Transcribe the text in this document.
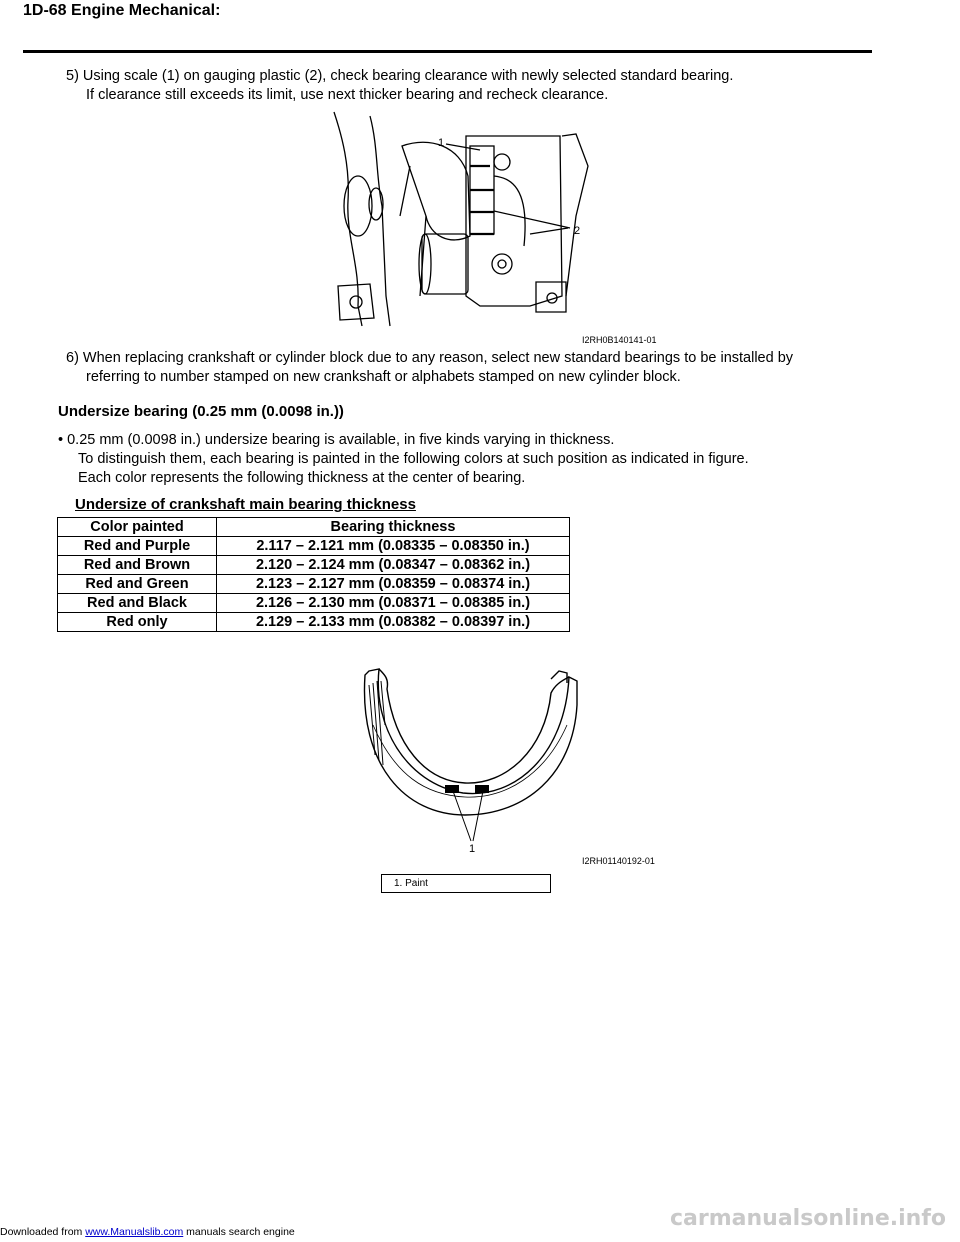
1D-68 Engine Mechanical:
5) Using scale (1) on gauging plastic (2), check bearing clearance with newly selected standard bearing.
If clearance still exceeds its limit, use next thicker bearing and recheck clearance.
1
2
I2RH0B140141-01
6) When replacing crankshaft or cylinder block due to any reason, select new standard bearings to be installed by
referring to number stamped on new crankshaft or alphabets stamped on new cylinder block.
Undersize bearing (0.25 mm (0.0098 in.))
• 0.25 mm (0.0098 in.) undersize bearing is available, in five kinds varying in thickness.
To distinguish them, each bearing is painted in the following colors at such position as indicated in figure.
Each color represents the following thickness at the center of bearing.
Undersize of crankshaft main bearing thickness
Color painted	Bearing thickness
Red and Purple	2.117 – 2.121 mm (0.08335 – 0.08350 in.)
Red and Brown	2.120 – 2.124 mm (0.08347 – 0.08362 in.)
Red and Green	2.123 – 2.127 mm (0.08359 – 0.08374 in.)
Red and Black	2.126 – 2.130 mm (0.08371 – 0.08385 in.)
Red only	2.129 – 2.133 mm (0.08382 – 0.08397 in.)
1
I2RH01140192-01
1. Paint
Downloaded from www.Manualslib.com manuals search engine
carmanualsonline.info
